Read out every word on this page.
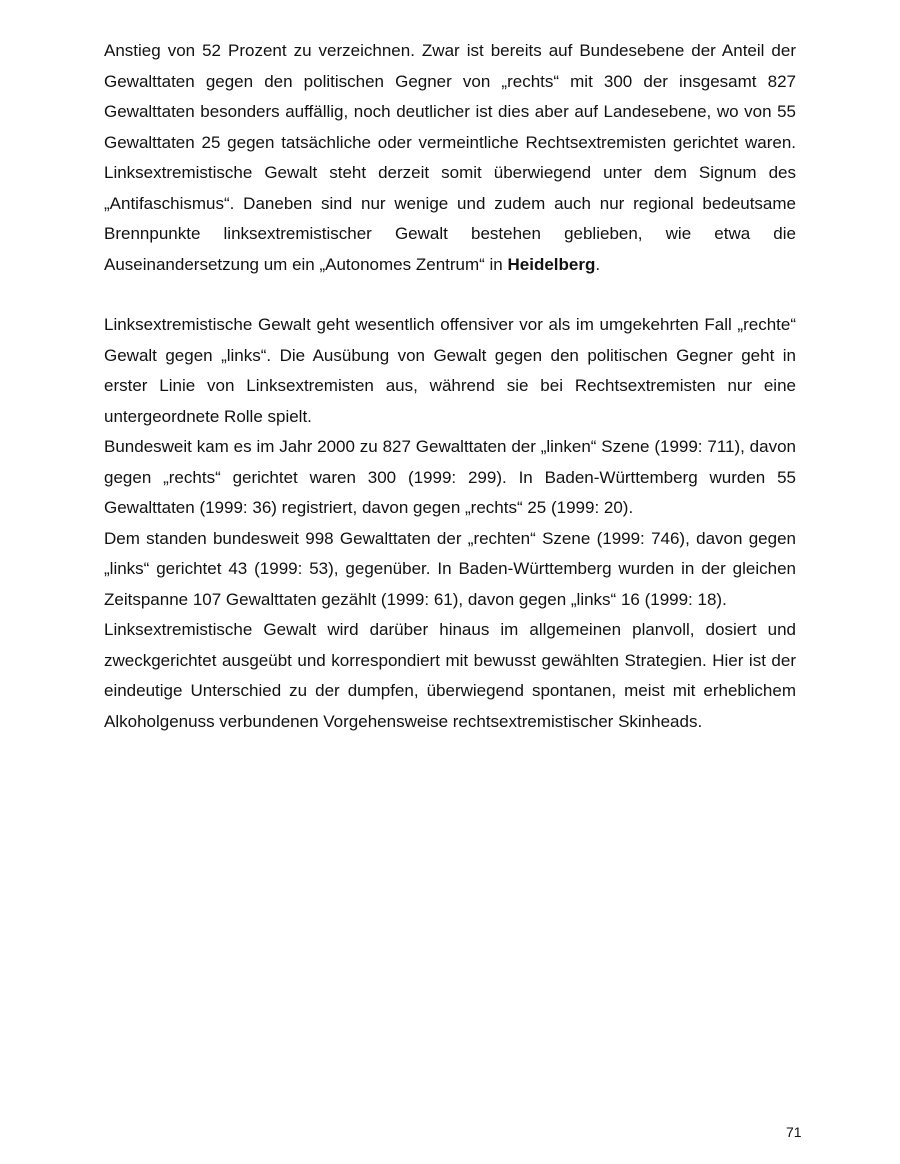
Anstieg von 52 Prozent zu verzeichnen. Zwar ist bereits auf Bundesebene der Anteil der Gewalttaten gegen den politischen Gegner von „rechts“ mit 300 der insgesamt 827 Gewalttaten besonders auffällig, noch deutlicher ist dies aber auf Landesebene, wo von 55 Gewalttaten 25 gegen tatsächliche oder vermeintliche Rechtsextremisten gerichtet waren. Linksextremistische Gewalt steht derzeit somit überwiegend unter dem Signum des „Antifaschismus“. Daneben sind nur wenige und zudem auch nur regional bedeutsame Brennpunkte linksextremistischer Gewalt bestehen geblieben, wie etwa die Auseinandersetzung um ein „Autonomes Zentrum“ in Heidelberg.

Linksextremistische Gewalt geht wesentlich offensiver vor als im umgekehrten Fall „rechte“ Gewalt gegen „links“. Die Ausübung von Gewalt gegen den politischen Gegner geht in erster Linie von Linksextremisten aus, während sie bei Rechtsextremisten nur eine untergeordnete Rolle spielt.

Bundesweit kam es im Jahr 2000 zu 827 Gewalttaten der „linken“ Szene (1999: 711), davon gegen „rechts“ gerichtet waren 300 (1999: 299). In Baden-Württemberg wurden 55 Gewalttaten (1999: 36) registriert, davon gegen „rechts“ 25 (1999: 20).

Dem standen bundesweit 998 Gewalttaten der „rechten“ Szene (1999: 746), davon gegen „links“ gerichtet 43 (1999: 53), gegenüber. In Baden-Württemberg wurden in der gleichen Zeitspanne 107 Gewalttaten gezählt (1999: 61), davon gegen „links“ 16 (1999: 18).

Linksextremistische Gewalt wird darüber hinaus im allgemeinen planvoll, dosiert und zweckgerichtet ausgeübt und korrespondiert mit bewusst gewählten Strategien. Hier ist der eindeutige Unterschied zu der dumpfen, überwiegend spontanen, meist mit erheblichem Alkoholgenuss verbundenen Vorgehensweise rechtsextremistischer Skinheads.

71
